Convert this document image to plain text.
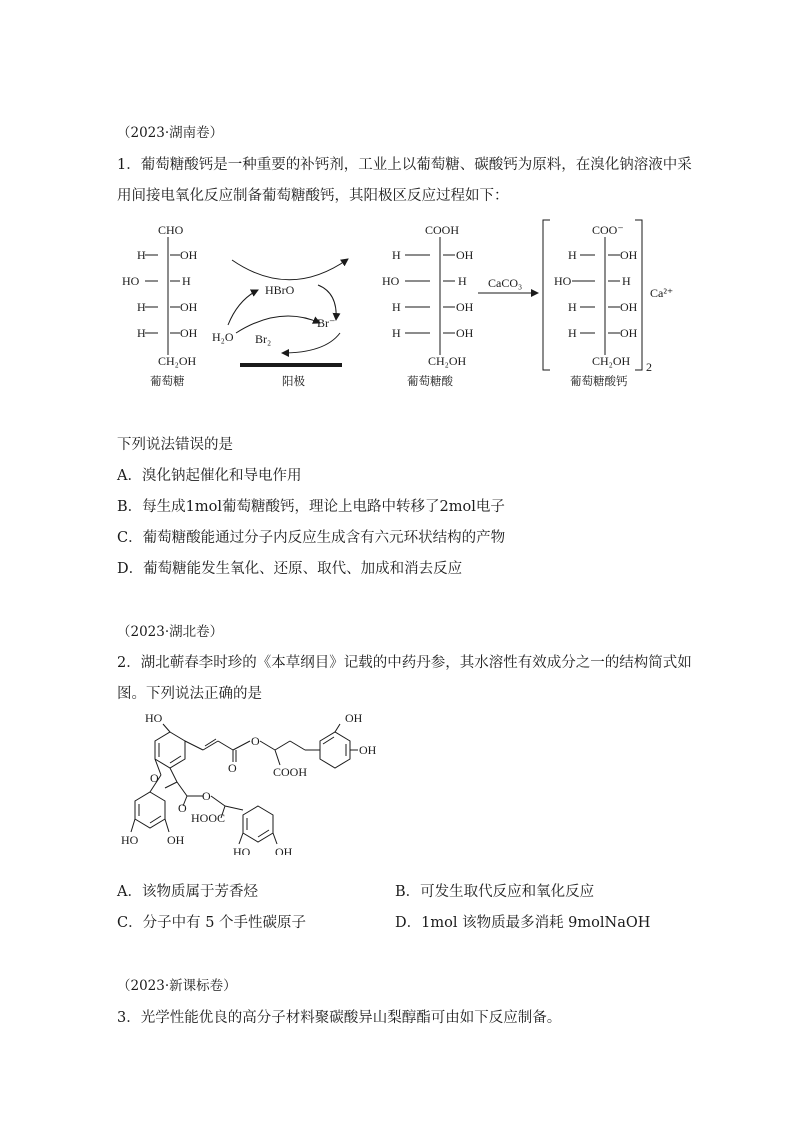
（2023·湖南卷）
1．葡萄糖酸钙是一种重要的补钙剂，工业上以葡萄糖、碳酸钙为原料，在溴化钠溶液中采
用间接电氧化反应制备葡萄糖酸钙，其阳极区反应过程如下：
CHO
H	OH
HO	H
H	OH
H	OH
CH₂OH
葡萄糖
HBrO
Br⁻
H₂O Br₂
阳极
COOH
H	OH
HO	H
H	OH
H	OH
CH₂OH
葡萄糖酸
CaCO₃
COO⁻
H	OH
HO	H
H	OH
H	OH
CH₂OH
Ca²⁺
2
葡萄糖酸钙
下列说法错误的是
A．溴化钠起催化和导电作用
B．每生成1mol葡萄糖酸钙，理论上电路中转移了2mol电子
C．葡萄糖酸能通过分子内反应生成含有六元环状结构的产物
D．葡萄糖能发生氧化、还原、取代、加成和消去反应
（2023·湖北卷）
2．湖北蕲春李时珍的《本草纲目》记载的中药丹参，其水溶性有效成分之一的结构简式如
图。下列说法正确的是
HO
O
O
O
O
O
COOH
HOOC
OH
OH
HO OH
HO OH
A．该物质属于芳香烃	B．可发生取代反应和氧化反应
C．分子中有 5 个手性碳原子	D．1mol 该物质最多消耗 9molNaOH
（2023·新课标卷）
3．光学性能优良的高分子材料聚碳酸异山梨醇酯可由如下反应制备。
